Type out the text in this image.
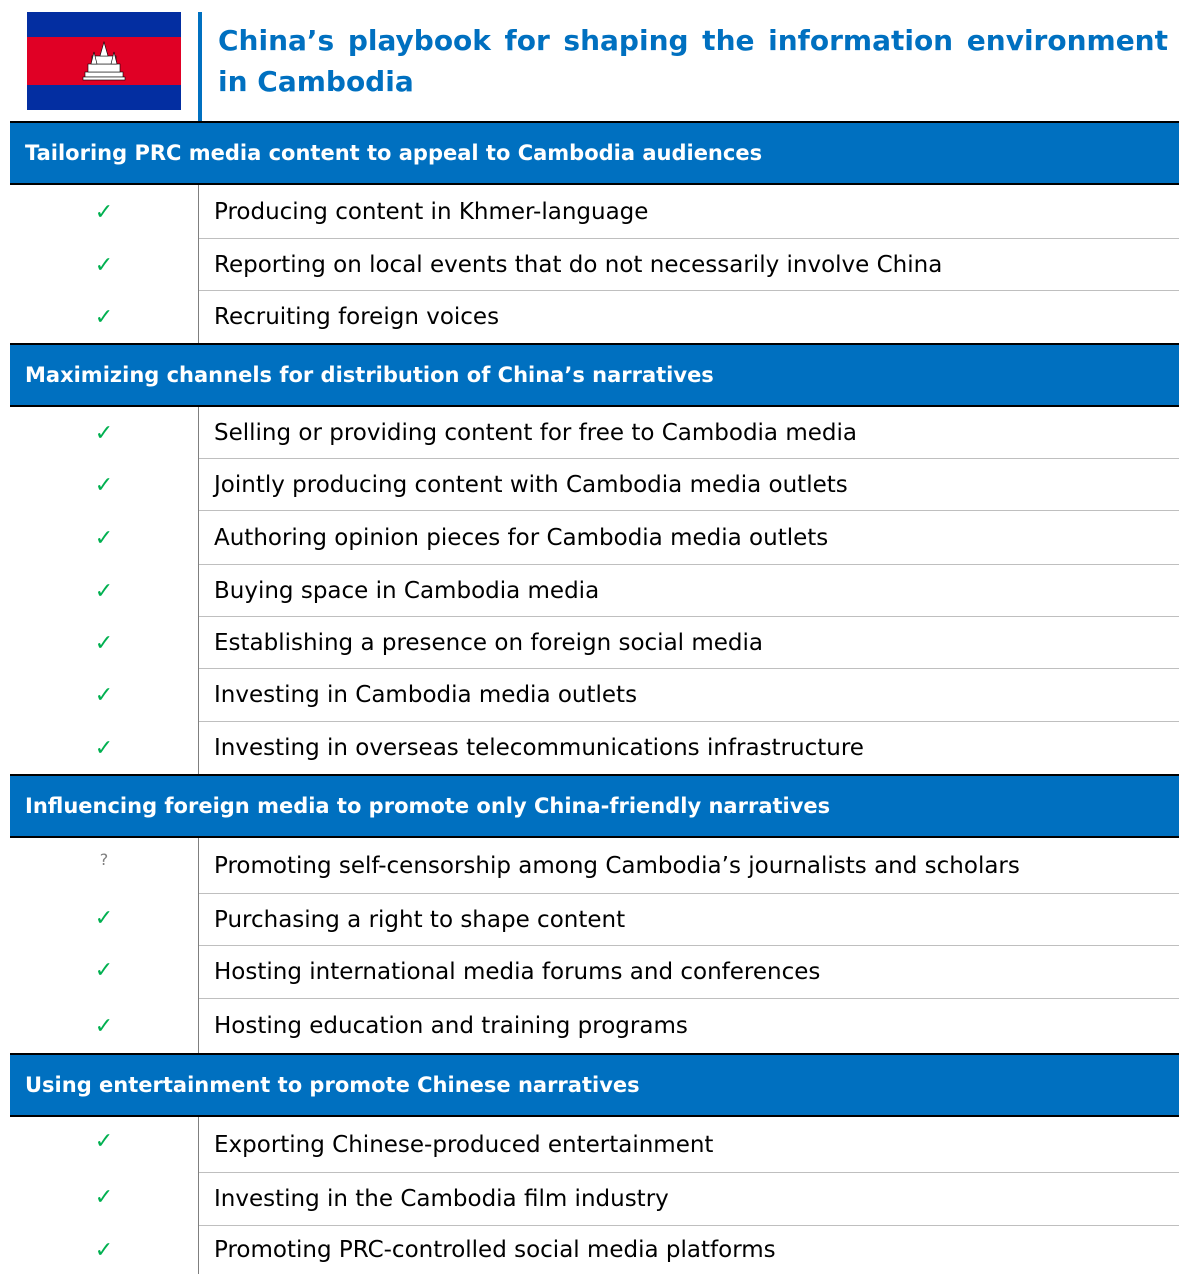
China’s playbook for shaping the information environment in Cambodia
Tailoring PRC media content to appeal to Cambodia audiences
✓	Producing content in Khmer-language
✓	Reporting on local events that do not necessarily involve China
✓	Recruiting foreign voices
Maximizing channels for distribution of China’s narratives
✓	Selling or providing content for free to Cambodia media
✓	Jointly producing content with Cambodia media outlets
✓	Authoring opinion pieces for Cambodia media outlets
✓	Buying space in Cambodia media
✓	Establishing a presence on foreign social media
✓	Investing in Cambodia media outlets
✓	Investing in overseas telecommunications infrastructure
Influencing foreign media to promote only China-friendly narratives
?	Promoting self-censorship among Cambodia’s journalists and scholars
✓	Purchasing a right to shape content
✓	Hosting international media forums and conferences
✓	Hosting education and training programs
Using entertainment to promote Chinese narratives
✓	Exporting Chinese-produced entertainment
✓	Investing in the Cambodia film industry
✓	Promoting PRC-controlled social media platforms
